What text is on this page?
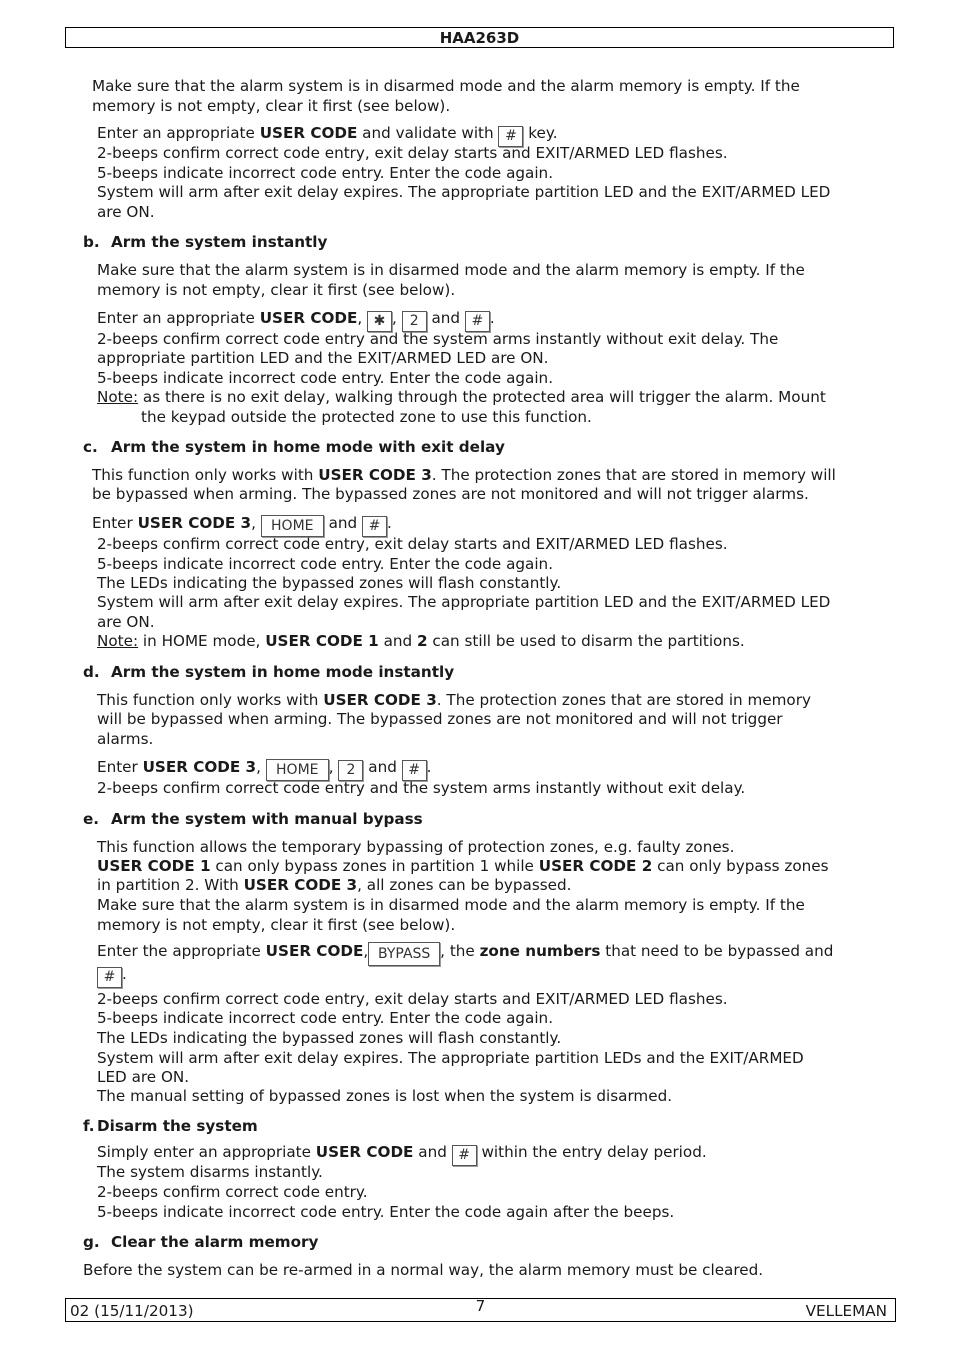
HAA263D
Make sure that the alarm system is in disarmed mode and the alarm memory is empty. If the
memory is not empty, clear it first (see below).
Enter an appropriate USER CODE and validate with # key.
2-beeps confirm correct code entry, exit delay starts and EXIT/ARMED LED flashes.
5-beeps indicate incorrect code entry. Enter the code again.
System will arm after exit delay expires. The appropriate partition LED and the EXIT/ARMED LED
are ON.
b. Arm the system instantly
Make sure that the alarm system is in disarmed mode and the alarm memory is empty. If the
memory is not empty, clear it first (see below).
Enter an appropriate USER CODE, ✱ , 2 and # .
2-beeps confirm correct code entry and the system arms instantly without exit delay. The
appropriate partition LED and the EXIT/ARMED LED are ON.
5-beeps indicate incorrect code entry. Enter the code again.
Note: as there is no exit delay, walking through the protected area will trigger the alarm. Mount
the keypad outside the protected zone to use this function.
c. Arm the system in home mode with exit delay
This function only works with USER CODE 3. The protection zones that are stored in memory will
be bypassed when arming. The bypassed zones are not monitored and will not trigger alarms.
Enter USER CODE 3, HOME and # .
2-beeps confirm correct code entry, exit delay starts and EXIT/ARMED LED flashes.
5-beeps indicate incorrect code entry. Enter the code again.
The LEDs indicating the bypassed zones will flash constantly.
System will arm after exit delay expires. The appropriate partition LED and the EXIT/ARMED LED
are ON.
Note: in HOME mode, USER CODE 1 and 2 can still be used to disarm the partitions.
d. Arm the system in home mode instantly
This function only works with USER CODE 3. The protection zones that are stored in memory
will be bypassed when arming. The bypassed zones are not monitored and will not trigger
alarms.
Enter USER CODE 3, HOME , 2 and # .
2-beeps confirm correct code entry and the system arms instantly without exit delay.
e. Arm the system with manual bypass
This function allows the temporary bypassing of protection zones, e.g. faulty zones.
USER CODE 1 can only bypass zones in partition 1 while USER CODE 2 can only bypass zones
in partition 2. With USER CODE 3, all zones can be bypassed.
Make sure that the alarm system is in disarmed mode and the alarm memory is empty. If the
memory is not empty, clear it first (see below).
Enter the appropriate USER CODE, BYPASS , the zone numbers that need to be bypassed and
# .
2-beeps confirm correct code entry, exit delay starts and EXIT/ARMED LED flashes.
5-beeps indicate incorrect code entry. Enter the code again.
The LEDs indicating the bypassed zones will flash constantly.
System will arm after exit delay expires. The appropriate partition LEDs and the EXIT/ARMED
LED are ON.
The manual setting of bypassed zones is lost when the system is disarmed.
f. Disarm the system
Simply enter an appropriate USER CODE and # within the entry delay period.
The system disarms instantly.
2-beeps confirm correct code entry.
5-beeps indicate incorrect code entry. Enter the code again after the beeps.
g. Clear the alarm memory
Before the system can be re-armed in a normal way, the alarm memory must be cleared.
02 (15/11/2013)	7	VELLEMAN
